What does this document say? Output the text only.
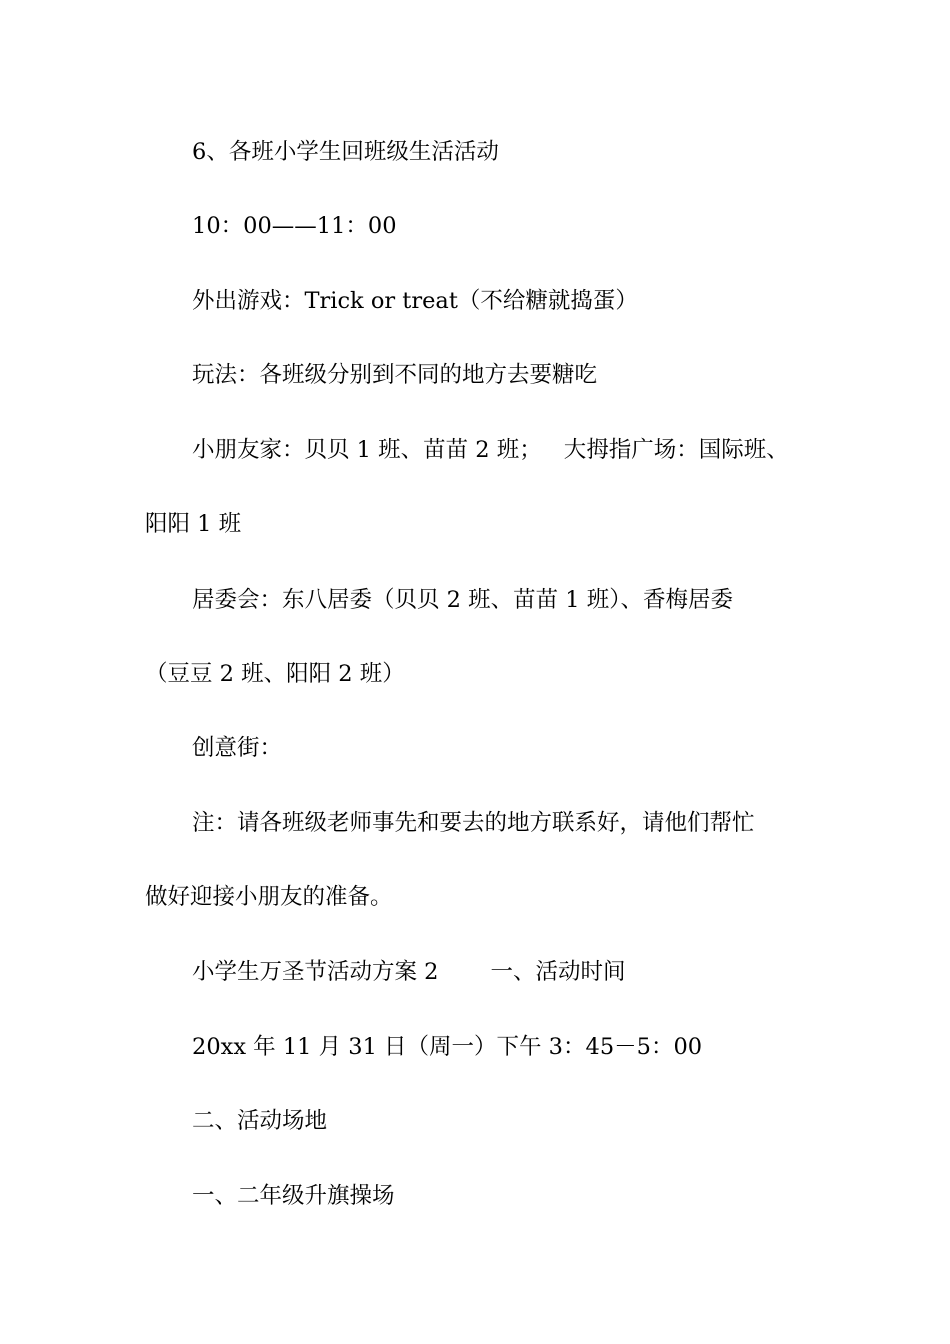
6、各班小学生回班级生活活动

10：00——11：00

外出游戏：Trick or treat（不给糖就捣蛋）

玩法：各班级分别到不同的地方去要糖吃

小朋友家：贝贝 1 班、苗苗 2 班； 大拇指广场：国际班、

阳阳 1 班

居委会：东八居委（贝贝 2 班、苗苗 1 班）、香梅居委

（豆豆 2 班、阳阳 2 班）

创意街：

注：请各班级老师事先和要去的地方联系好，请他们帮忙

做好迎接小朋友的准备。

小学生万圣节活动方案 2 一、活动时间

20xx 年 11 月 31 日（周一）下午 3：45－5：00

二、活动场地

一、二年级升旗操场
